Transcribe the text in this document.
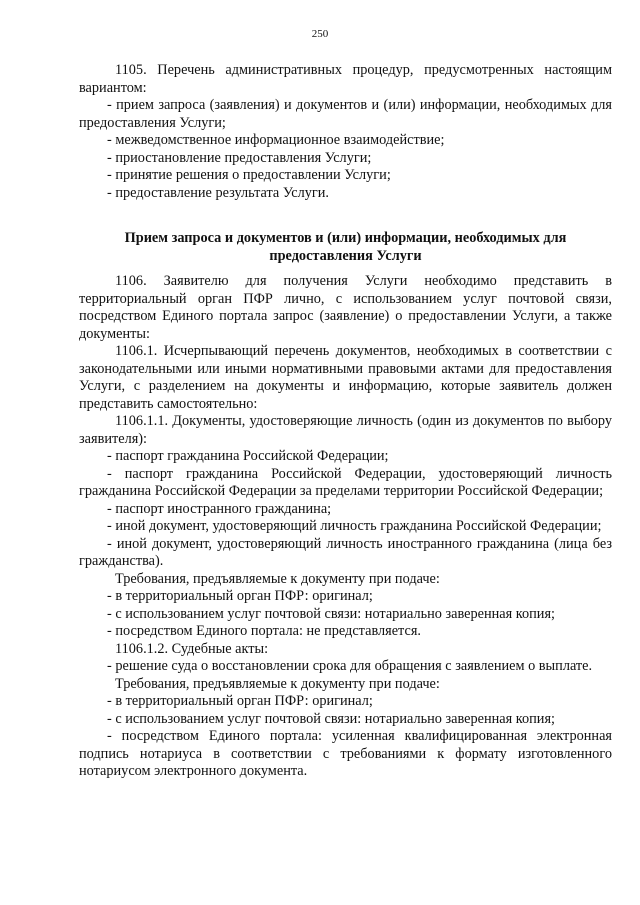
250

1105. Перечень административных процедур, предусмотренных настоящим вариантом:

- прием запроса (заявления) и документов и (или) информации, необходимых для предоставления Услуги;

- межведомственное информационное взаимодействие;

- приостановление предоставления Услуги;

- принятие решения о предоставлении Услуги;

- предоставление результата Услуги.

Прием запроса и документов и (или) информации, необходимых для предоставления Услуги

1106. Заявителю для получения Услуги необходимо представить в территориальный орган ПФР лично, с использованием услуг почтовой связи, посредством Единого портала запрос (заявление) о предоставлении Услуги, а также документы:

1106.1. Исчерпывающий перечень документов, необходимых в соответствии с законодательными или иными нормативными правовыми актами для предоставления Услуги, с разделением на документы и информацию, которые заявитель должен представить самостоятельно:

1106.1.1. Документы, удостоверяющие личность (один из документов по выбору заявителя):

- паспорт гражданина Российской Федерации;

- паспорт гражданина Российской Федерации, удостоверяющий личность гражданина Российской Федерации за пределами территории Российской Федерации;

- паспорт иностранного гражданина;

- иной документ, удостоверяющий личность гражданина Российской Федерации;

- иной документ, удостоверяющий личность иностранного гражданина (лица без гражданства).

Требования, предъявляемые к документу при подаче:

- в территориальный орган ПФР: оригинал;

- с использованием услуг почтовой связи: нотариально заверенная копия;

- посредством Единого портала: не представляется.

1106.1.2. Судебные акты:

- решение суда о восстановлении срока для обращения с заявлением о выплате.

Требования, предъявляемые к документу при подаче:

- в территориальный орган ПФР: оригинал;

- с использованием услуг почтовой связи: нотариально заверенная копия;

- посредством Единого портала: усиленная квалифицированная электронная подпись нотариуса в соответствии с требованиями к формату изготовленного нотариусом электронного документа.
